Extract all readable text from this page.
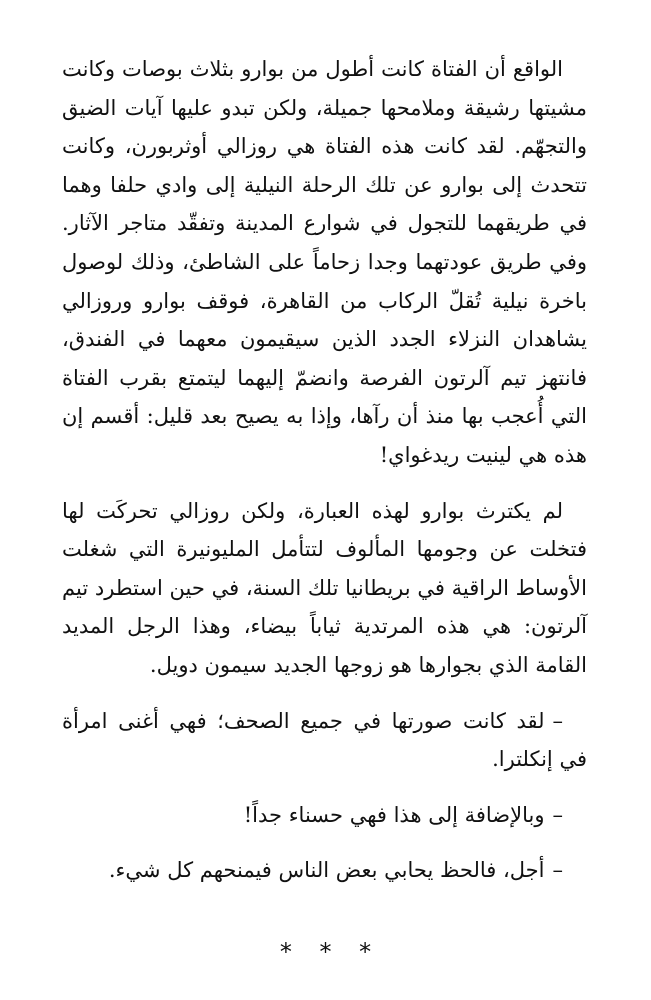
الواقع أن الفتاة كانت أطول من بوارو بثلاث بوصات وكانت مشيتها رشيقة وملامحها جميلة، ولكن تبدو عليها آيات الضيق والتجهّم. لقد كانت هذه الفتاة هي روزالي أوثربورن، وكانت تتحدث إلى بوارو عن تلك الرحلة النيلية إلى وادي حلفا وهما في طريقهما للتجول في شوارع المدينة وتفقّد متاجر الآثار. وفي طريق عودتهما وجدا زحاماً على الشاطئ، وذلك لوصول باخرة نيلية تُقلّ الركاب من القاهرة، فوقف بوارو وروزالي يشاهدان النزلاء الجدد الذين سيقيمون معهما في الفندق، فانتهز تيم آلرتون الفرصة وانضمّ إليهما ليتمتع بقرب الفتاة التي أُعجب بها منذ أن رآها، وإذا به يصيح بعد قليل: أقسم إن هذه هي لينيت ريدغواي!

لم يكترث بوارو لهذه العبارة، ولكن روزالي تحركَت لها فتخلت عن وجومها المألوف لتتأمل المليونيرة التي شغلت الأوساط الراقية في بريطانيا تلك السنة، في حين استطرد تيم آلرتون: هي هذه المرتدية ثياباً بيضاء، وهذا الرجل المديد القامة الذي بجوارها هو زوجها الجديد سيمون دويل.

–لقد كانت صورتها في جميع الصحف؛ فهي أغنى امرأة في إنكلترا.

–وبالإضافة إلى هذا فهي حسناء جداً!

–أجل، فالحظ يحابي بعض الناس فيمنحهم كل شيء.

* * *
